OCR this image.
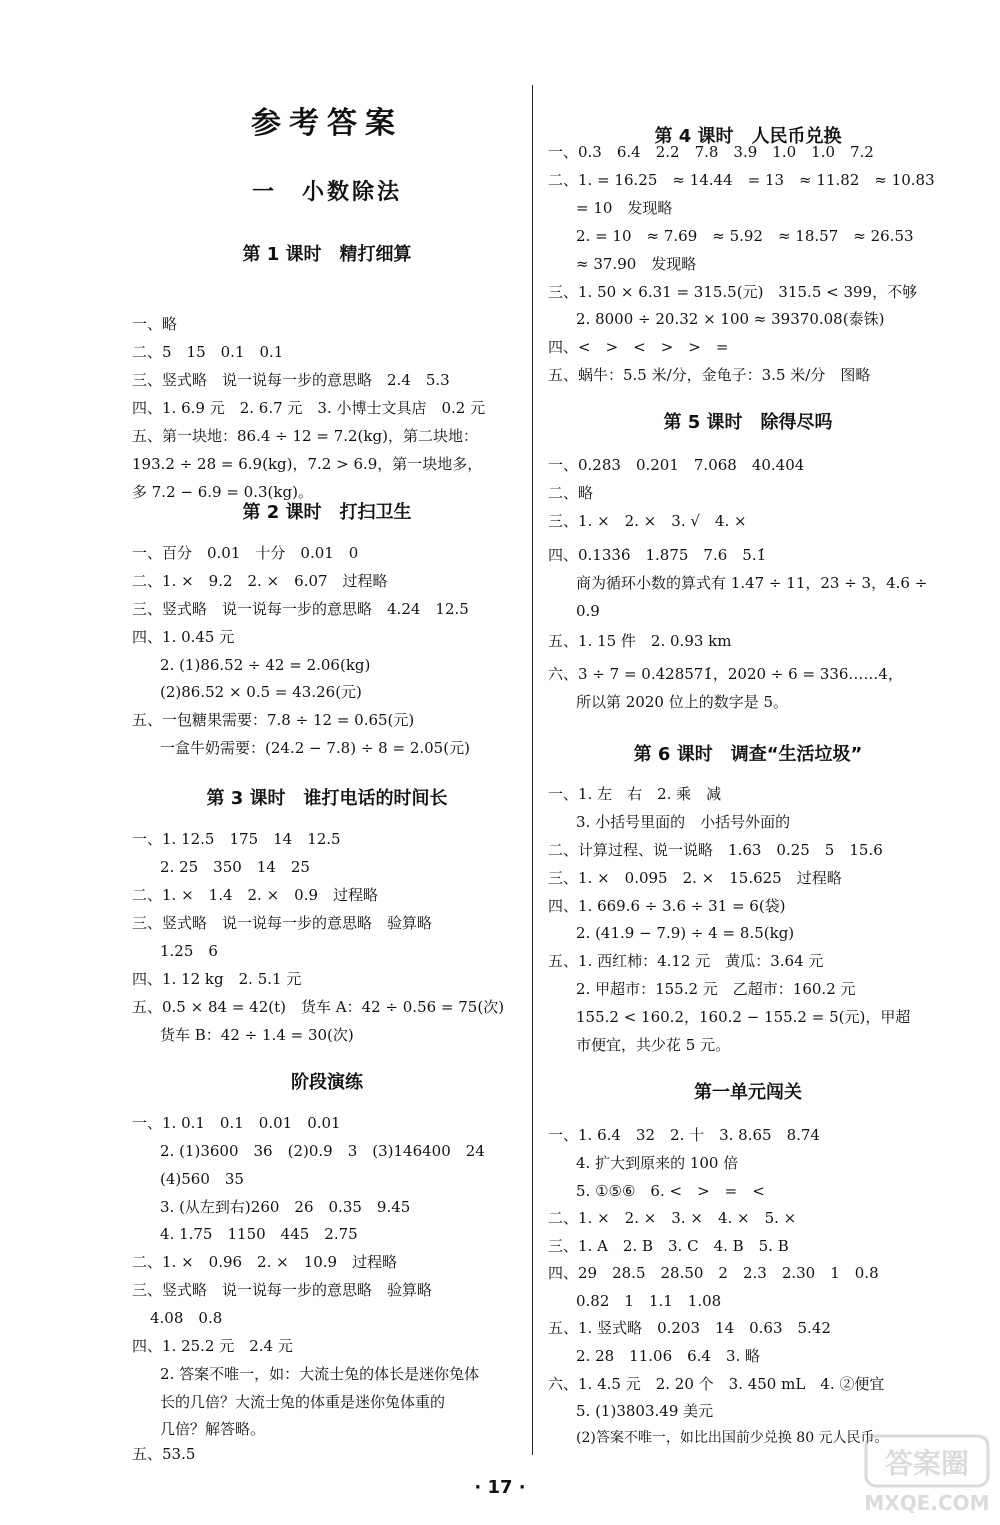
参考答案
一　小数除法
第 1 课时　精打细算
一、略
二、5　15　0.1　0.1
三、竖式略　说一说每一步的意思略　2.4　5.3
四、1. 6.9 元　2. 6.7 元　3. 小博士文具店　0.2 元
五、第一块地：86.4 ÷ 12 = 7.2(kg)，第二块地：
193.2 ÷ 28 = 6.9(kg)，7.2 > 6.9，第一块地多，
多 7.2 − 6.9 = 0.3(kg)。
第 2 课时　打扫卫生
一、百分　0.01　十分　0.01　0
二、1. ×　9.2　2. ×　6.07　过程略
三、竖式略　说一说每一步的意思略　4.24　12.5
四、1. 0.45 元
2. (1)86.52 ÷ 42 = 2.06(kg)
(2)86.52 × 0.5 = 43.26(元)
五、一包糖果需要：7.8 ÷ 12 = 0.65(元)
一盒牛奶需要：(24.2 − 7.8) ÷ 8 = 2.05(元)
第 3 课时　谁打电话的时间长
一、1. 12.5　175　14　12.5
2. 25　350　14　25
二、1. ×　1.4　2. ×　0.9　过程略
三、竖式略　说一说每一步的意思略　验算略
1.25　6
四、1. 12 kg　2. 5.1 元
五、0.5 × 84 = 42(t)　货车 A：42 ÷ 0.56 = 75(次)
货车 B：42 ÷ 1.4 = 30(次)
阶段演练
一、1. 0.1　0.1　0.01　0.01
2. (1)3600　36　(2)0.9　3　(3)146400　24
(4)560　35
3. (从左到右)260　26　0.35　9.45
4. 1.75　1150　445　2.75
二、1. ×　0.96　2. ×　10.9　过程略
三、竖式略　说一说每一步的意思略　验算略
4.08　0.8
四、1. 25.2 元　2.4 元
2. 答案不唯一，如：大流士兔的体长是迷你兔体
长的几倍？大流士兔的体重是迷你兔体重的
几倍？解答略。
五、53.5
第 4 课时　人民币兑换
一、0.3　6.4　2.2　7.8　3.9　1.0　1.0　7.2
二、1. = 16.25　≈ 14.44　= 13　≈ 11.82　≈ 10.83
= 10　发现略
2. = 10　≈ 7.69　≈ 5.92　≈ 18.57　≈ 26.53
≈ 37.90　发现略
三、1. 50 × 6.31 = 315.5(元)　315.5 < 399，不够
2. 8000 ÷ 20.32 × 100 ≈ 39370.08(泰铢)
四、<　>　<　>　>　=
五、蜗牛：5.5 米/分，金龟子：3.5 米/分　图略
第 5 课时　除得尽吗
一、0.283　0.201　7.068　40.404
二、略
三、1. ×　2. ×　3. √　4. ×
四、0.133̇6̇　1.875　7.6　5.1̇
商为循环小数的算式有 1.47 ÷ 11，23 ÷ 3，4.6 ÷
0.9
五、1. 15 件　2. 0.93 km
六、3 ÷ 7 = 0.4̇28571̇，2020 ÷ 6 = 336……4，
所以第 2020 位上的数字是 5。
第 6 课时　调查“生活垃圾”
一、1. 左　右　2. 乘　减
3. 小括号里面的　小括号外面的
二、计算过程、说一说略　1.63　0.25　5　15.6
三、1. ×　0.095　2. ×　15.625　过程略
四、1. 669.6 ÷ 3.6 ÷ 31 = 6(袋)
2. (41.9 − 7.9) ÷ 4 = 8.5(kg)
五、1. 西红柿：4.12 元　黄瓜：3.64 元
2. 甲超市：155.2 元　乙超市：160.2 元
155.2 < 160.2，160.2 − 155.2 = 5(元)，甲超
市便宜，共少花 5 元。
第一单元闯关
一、1. 6.4　32　2. 十　3. 8.65　8.74
4. 扩大到原来的 100 倍
5. ①⑤⑥　6. <　>　=　<
二、1. ×　2. ×　3. ×　4. ×　5. ×
三、1. A　2. B　3. C　4. B　5. B
四、29　28.5　28.50　2　2.3　2.30　1　0.8
0.82　1　1.1　1.08
五、1. 竖式略　0.203　14　0.63　5.42
2. 28　11.06　6.4　3. 略
六、1. 4.5 元　2. 20 个　3. 450 mL　4. ②便宜
5. (1)3803.49 美元
(2)答案不唯一，如比出国前少兑换 80 元人民币。
· 17 ·
答案圈
MXQE.COM
